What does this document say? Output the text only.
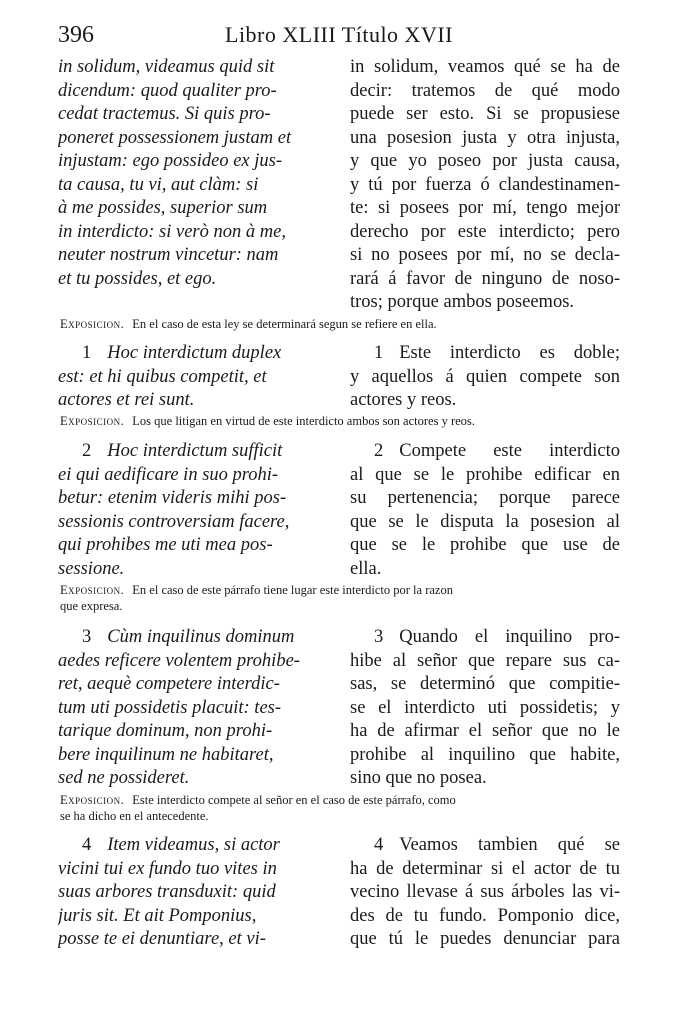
396	Libro XLIII Título XVII
in solidum, videamus quid sit
dicendum: quod qualiter pro-
cedat tractemus. Si quis pro-
poneret possessionem justam et
injustam: ego possideo ex jus-
ta causa, tu vi, aut clàm: si
à me possides, superior sum
in interdicto: si verò non à me,
neuter nostrum vincetur: nam
et tu possides, et ego.
in solidum, veamos qué se ha de
decir: tratemos de qué modo
puede ser esto. Si se propusiese
una posesion justa y otra injusta,
y que yo poseo por justa causa,
y tú por fuerza ó clandestinamen-
te: si posees por mí, tengo mejor
derecho por este interdicto; pero
si no posees por mí, no se decla-
rará á favor de ninguno de noso-
tros; porque ambos poseemos.
Exposicion. En el caso de esta ley se determinará segun se refiere en ella.
1 Hoc interdictum duplex
est: et hi quibus competit, et
actores et rei sunt.
1 Este interdicto es doble;
y aquellos á quien compete son
actores y reos.
Exposicion. Los que litigan en virtud de este interdicto ambos son actores y reos.
2 Hoc interdictum sufficit
ei qui aedificare in suo prohi-
betur: etenim videris mihi pos-
sessionis controversiam facere,
qui prohibes me uti mea pos-
sessione.
2 Compete este interdicto
al que se le prohibe edificar en
su pertenencia; porque parece
que se le disputa la posesion al
que se le prohibe que use de
ella.
Exposicion. En el caso de este párrafo tiene lugar este interdicto por la razon
que expresa.
3 Cùm inquilinus dominum
aedes reficere volentem prohibe-
ret, aequè competere interdic-
tum uti possidetis placuit: tes-
tarique dominum, non prohi-
bere inquilinum ne habitaret,
sed ne possideret.
3 Quando el inquilino pro-
hibe al señor que repare sus ca-
sas, se determinó que compitie-
se el interdicto uti possidetis; y
ha de afirmar el señor que no le
prohibe al inquilino que habite,
sino que no posea.
Exposicion. Este interdicto compete al señor en el caso de este párrafo, como
se ha dicho en el antecedente.
4 Item videamus, si actor
vicini tui ex fundo tuo vites in
suas arbores transduxit: quid
juris sit. Et ait Pomponius,
posse te ei denuntiare, et vi-
4 Veamos tambien qué se
ha de determinar si el actor de tu
vecino llevase á sus árboles las vi-
des de tu fundo. Pomponio dice,
que tú le puedes denunciar para
